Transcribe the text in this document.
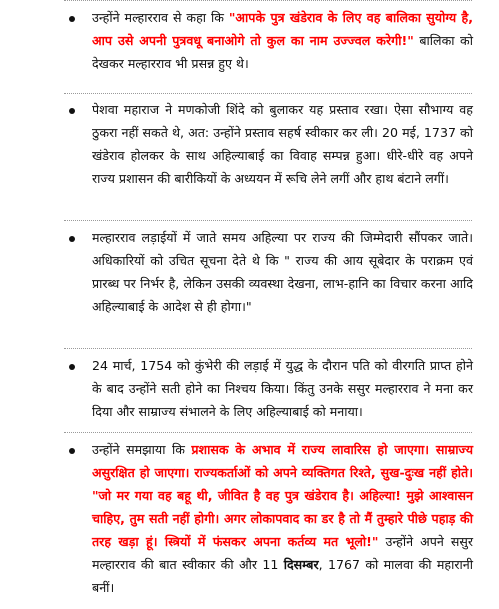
उन्होंने मल्हारराव से कहा कि "आपके पुत्र खंडेराव के लिए वह बालिका सुयोग्य है, आप उसे अपनी पुत्रवधू बनाओगे तो कुल का नाम उज्ज्वल करेगी!" बालिका को देखकर मल्हारराव भी प्रसन्न हुए थे।
पेशवा महाराज ने मणकोजी शिंदे को बुलाकर यह प्रस्ताव रखा। ऐसा सौभाग्य वह ठुकरा नहीं सकते थे, अत: उन्होंने प्रस्ताव सहर्ष स्वीकार कर ली। 20 मई, 1737 को खंडेराव होलकर के साथ अहिल्याबाई का विवाह सम्पन्न हुआ। धीरे-धीरे वह अपने राज्य प्रशासन की बारीकियों के अध्ययन में रूचि लेने लगीं और हाथ बंटाने लगीं।
मल्हारराव लड़ाईयों में जाते समय अहिल्या पर राज्य की जिम्मेदारी सौंपकर जाते। अधिकारियों को उचित सूचना देते थे कि " राज्य की आय सूबेदार के पराक्रम एवं प्रारब्ध पर निर्भर है, लेकिन उसकी व्यवस्था देखना, लाभ-हानि का विचार करना आदि अहिल्याबाई के आदेश से ही होगा।"
24 मार्च, 1754 को कुंभेरी की लड़ाई में युद्ध के दौरान पति को वीरगति प्राप्त होने के बाद उन्होंने सती होने का निश्चय किया। किंतु उनके ससुर मल्हारराव ने मना कर दिया और साम्राज्य संभालने के लिए अहिल्याबाई को मनाया।
उन्होंने समझाया कि प्रशासक के अभाव में राज्य लावारिस हो जाएगा। साम्राज्य असुरक्षित हो जाएगा। राज्यकर्ताओं को अपने व्यक्तिगत रिश्ते, सुख-दुःख नहीं होते। "जो मर गया वह बहू थी, जीवित है वह पुत्र खंडेराव है। अहिल्या! मुझे आश्वासन चाहिए, तुम सती नहीं होगी। अगर लोकापवाद का डर है तो मैं तुम्हारे पीछे पहाड़ की तरह खड़ा हूं। स्त्रियों में फंसकर अपना कर्तव्य मत भूलो!" उन्होंने अपने ससुर मल्हारराव की बात स्वीकार की और 11 दिसम्बर, 1767 को मालवा की महारानी बनीं।
